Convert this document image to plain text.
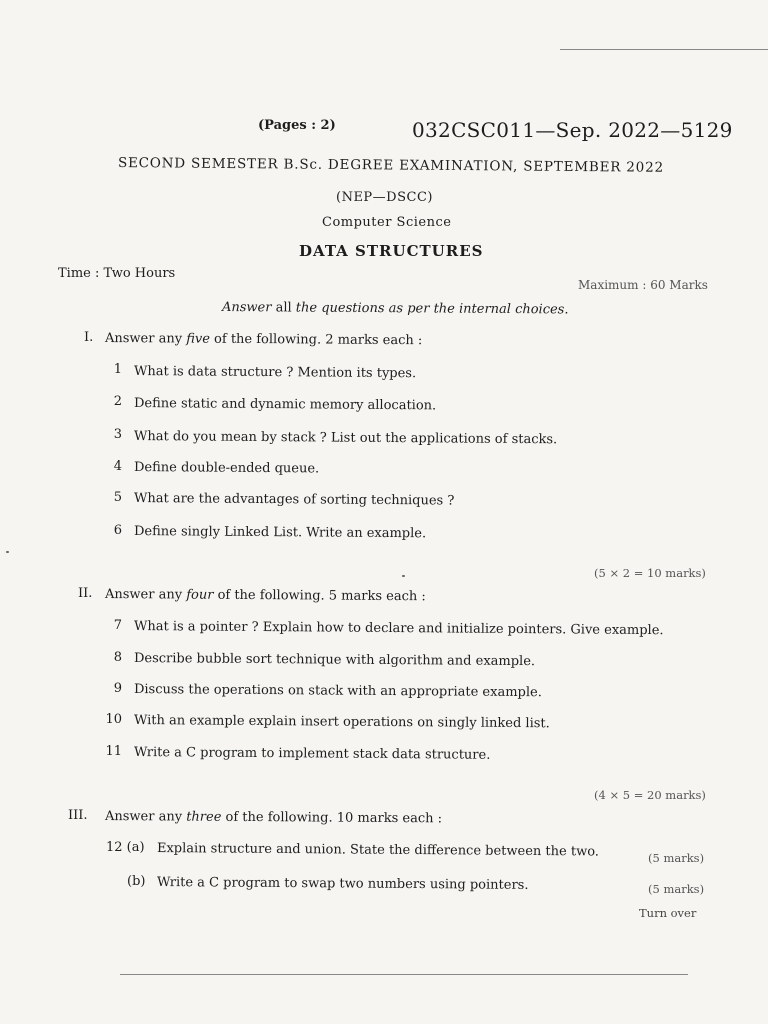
(Pages : 2)	032CSC011—Sep. 2022—5129
SECOND SEMESTER B.Sc. DEGREE EXAMINATION, SEPTEMBER 2022
(NEP—DSCC)
Computer Science
DATA STRUCTURES
Time : Two Hours
Maximum : 60 Marks
Answer all the questions as per the internal choices.
I. Answer any five of the following. 2 marks each :
1 What is data structure ? Mention its types.
2 Define static and dynamic memory allocation.
3 What do you mean by stack ? List out the applications of stacks.
4 Define double-ended queue.
5 What are the advantages of sorting techniques ?
6 Define singly Linked List. Write an example.
(5 × 2 = 10 marks)
II. Answer any four of the following. 5 marks each :
7 What is a pointer ? Explain how to declare and initialize pointers. Give example.
8 Describe bubble sort technique with algorithm and example.
9 Discuss the operations on stack with an appropriate example.
10 With an example explain insert operations on singly linked list.
11 Write a C program to implement stack data structure.
(4 × 5 = 20 marks)
III. Answer any three of the following. 10 marks each :
12 (a) Explain structure and union. State the difference between the two.	(5 marks)
(b) Write a C program to swap two numbers using pointers.	(5 marks)
Turn over
